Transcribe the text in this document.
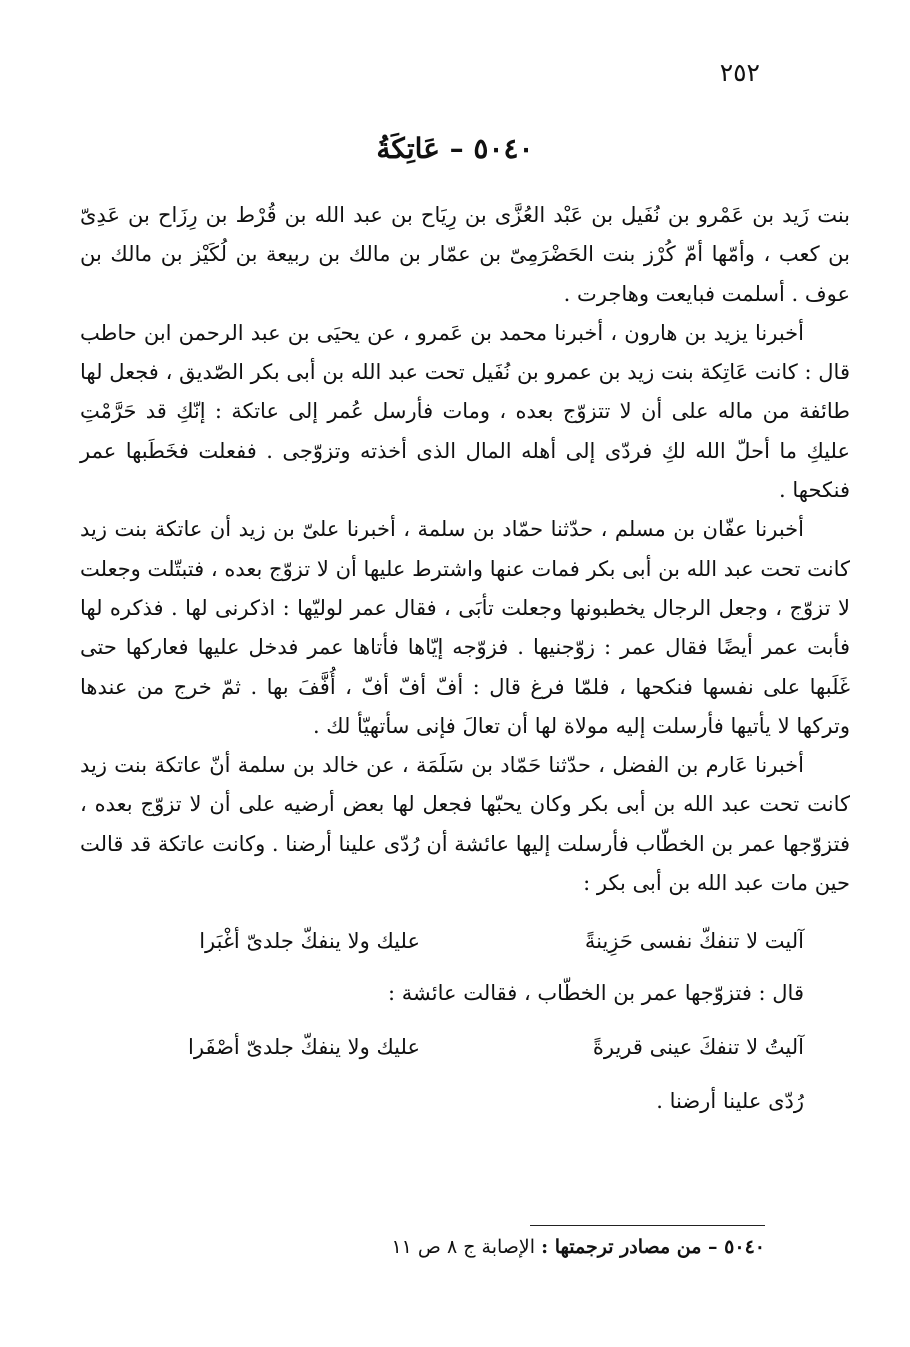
٢٥٢
٥٠٤٠ – عَاتِكَةُ

بنت زَيد بن عَمْرو بن نُفَيل بن عَبْد العُزَّى بن رِيَاح بن عبد الله بن قُرْط بن رِزَاح بن عَدِىّ بن كعب ، وأمّها أمّ كُرْز بنت الحَضْرَمِىّ بن عمّار بن مالك بن ربيعة بن لُكَيْز بن مالك بن عوف . أسلمت فبايعت وهاجرت .

أخبرنا يزيد بن هارون ، أخبرنا محمد بن عَمرو ، عن يحيَى بن عبد الرحمن ابن حاطب قال : كانت عَاتِكة بنت زيد بن عمرو بن نُفَيل تحت عبد الله بن أبى بكر الصّديق ، فجعل لها طائفة من ماله على أن لا تتزوّج بعده ، ومات فأرسل عُمر إلى عاتكة : إنّكِ قد حَرَّمْتِ عليكِ ما أحلّ الله لكِ فردّى إلى أهله المال الذى أخذته وتزوّجى . ففعلت فخَطَبها عمر فنكحها .

أخبرنا عفّان بن مسلم ، حدّثنا حمّاد بن سلمة ، أخبرنا علىّ بن زيد أن عاتكة بنت زيد كانت تحت عبد الله بن أبى بكر فمات عنها واشترط عليها أن لا تزوّج بعده ، فتبتّلت وجعلت لا تزوّج ، وجعل الرجال يخطبونها وجعلت تأبَى ، فقال عمر لوليّها : اذكرنى لها . فذكره لها فأبت عمر أيضًا فقال عمر : زوّجنيها . فزوّجه إيّاها فأتاها عمر فدخل عليها فعاركها حتى غَلَبها على نفسها فنكحها ، فلمّا فرغ قال : أفّ أفّ أفّ ، أُفَّفَ بها . ثمّ خرج من عندها وتركها لا يأتيها فأرسلت إليه مولاة لها أن تعالَ فإنى سأتهيّأ لك .

أخبرنا عَارم بن الفضل ، حدّثنا حَمّاد بن سَلَمَة ، عن خالد بن سلمة أنّ عاتكة بنت زيد كانت تحت عبد الله بن أبى بكر وكان يحبّها فجعل لها بعض أرضيه على أن لا تزوّج بعده ، فتزوّجها عمر بن الخطّاب فأرسلت إليها عائشة أن رُدّى علينا أرضنا . وكانت عاتكة قد قالت حين مات عبد الله بن أبى بكر :

آليت لا تنفكّ نفسى حَزِينةً
عليك ولا ينفكّ جلدىّ أغْبَرا
قال : فتزوّجها عمر بن الخطّاب ، فقالت عائشة :
آليتُ لا تنفكَ عينى قريرةً
عليك ولا ينفكّ جلدىّ أصْفَرا
رُدّى علينا أرضنا .
٥٠٤٠ – من مصادر ترجمتها : الإصابة ج ٨ ص ١١
